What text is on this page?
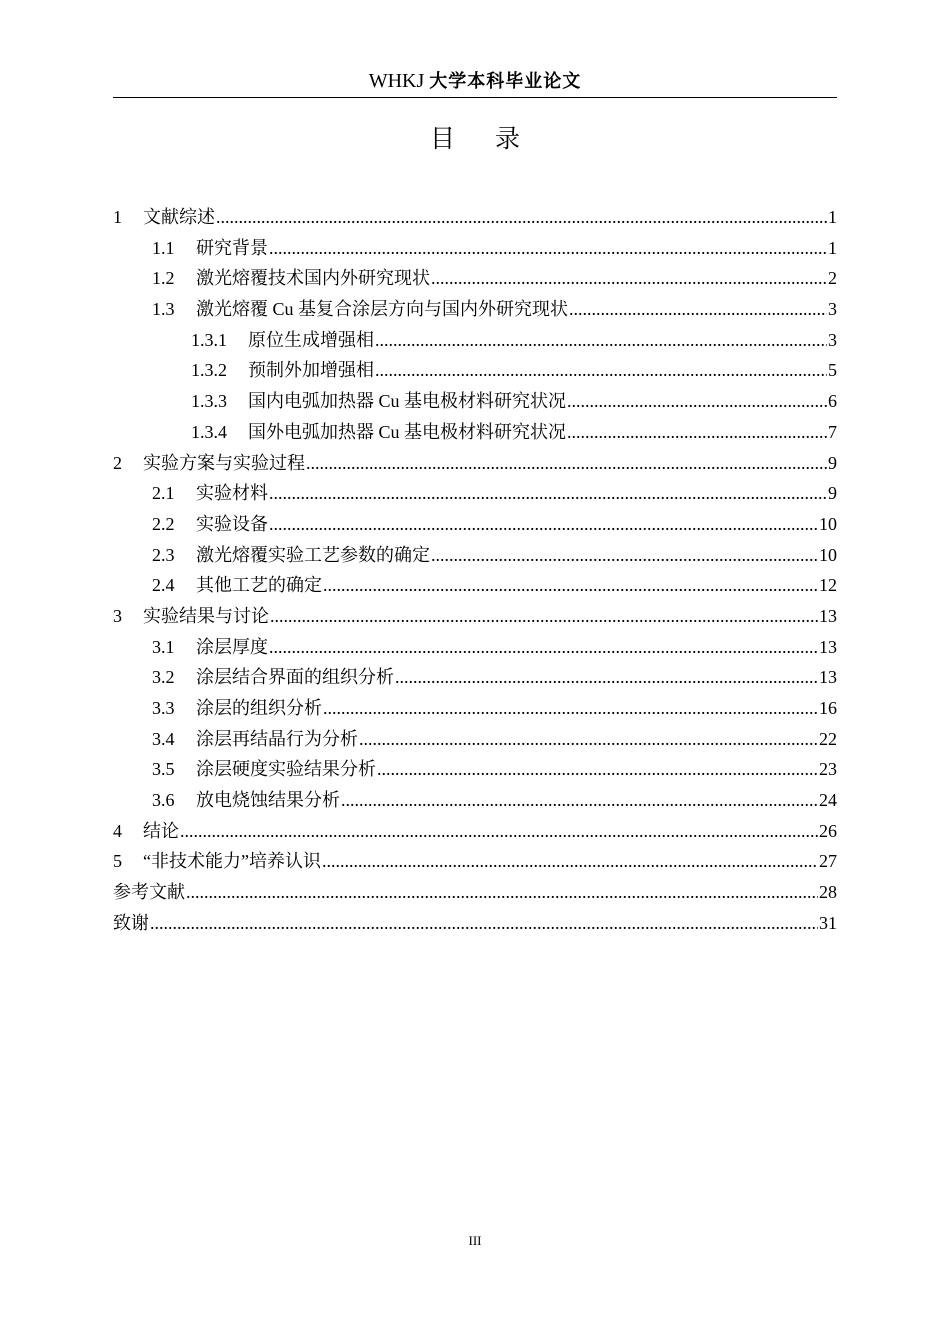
WHKJ 大学本科毕业论文
目 录
1	文献综述 .....	1
1.1	研究背景 .....	1
1.2	激光熔覆技术国内外研究现状 .....	2
1.3	激光熔覆 Cu 基复合涂层方向与国内外研究现状 .....	3
1.3.1	原位生成增强相 .....	3
1.3.2	预制外加增强相 .....	5
1.3.3	国内电弧加热器 Cu 基电极材料研究状况 .....	6
1.3.4	国外电弧加热器 Cu 基电极材料研究状况 .....	7
2	实验方案与实验过程 .....	9
2.1	实验材料 .....	9
2.2	实验设备 .....	10
2.3	激光熔覆实验工艺参数的确定 .....	10
2.4	其他工艺的确定 .....	12
3	实验结果与讨论 .....	13
3.1	涂层厚度 .....	13
3.2	涂层结合界面的组织分析 .....	13
3.3	涂层的组织分析 .....	16
3.4	涂层再结晶行为分析 .....	22
3.5	涂层硬度实验结果分析 .....	23
3.6	放电烧蚀结果分析 .....	24
4	结论 .....	26
5	“非技术能力”培养认识 .....	27
参考文献 .....	28
致谢 .....	31
III
